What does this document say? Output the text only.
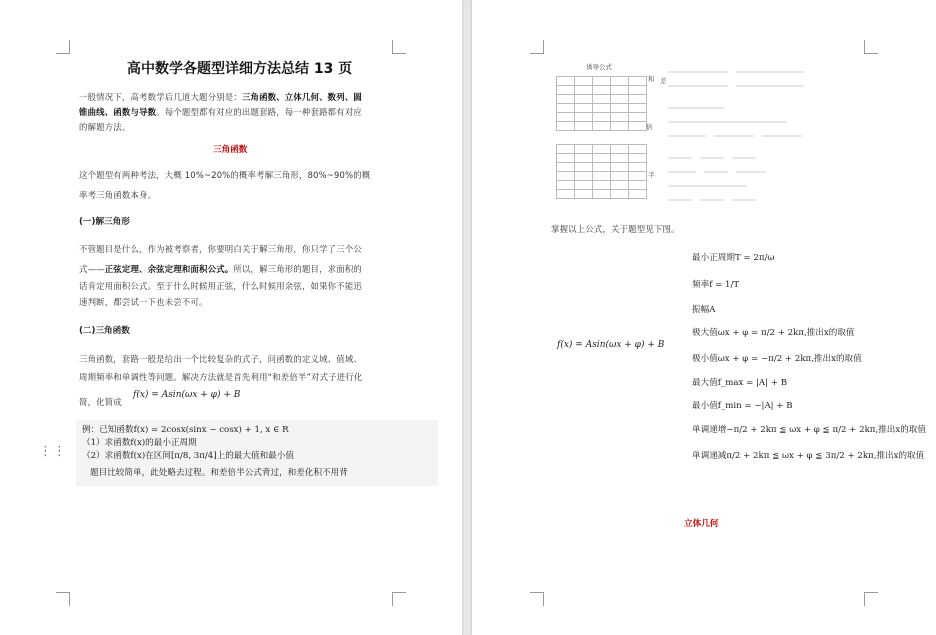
高中数学各题型详细方法总结 13 页
一般情况下，高考数学后几道大题分别是：三角函数、立体几何、数列、圆
锥曲线、函数与导数。每个题型都有对应的出题套路，每一种套路都有对应
的解题方法。
三角函数
这个题型有两种考法，大概 10%~20%的概率考解三角形，80%~90%的概
率考三角函数本身。
(一)解三角形
不管题目是什么，作为被考察者，你要明白关于解三角形，你只学了三个公
式——正弦定理、余弦定理和面积公式。所以，解三角形的题目，求面积的
话肯定用面积公式。至于什么时候用正弦，什么时候用余弦，如果你不能迅
速判断，都尝试一下也未尝不可。
(二)三角函数
三角函数，套路一般是给出一个比较复杂的式子，问函数的定义域、值域、
周期频率和单调性等问题。解决方法就是首先利用“和差倍半”对式子进行化
简，化简成
f(x) = Asin(ωx + φ) + B
⋮⋮
例：已知函数f(x) = 2cosx(sinx − cosx) + 1, x ∈ R
（1）求函数f(x)的最小正周期
（2）求函数f(x)在区间[π/8, 3π/4]上的最大值和最小值
题目比较简单，此处略去过程。和差倍半公式背过，和差化积不用背
诱导公式

和 差
倍
半
掌握以上公式，关于题型见下图。
f(x) = Asin(ωx + φ) + B
最小正周期T = 2π/ω
频率f = 1/T
振幅A
极大值ωx + φ = π/2 + 2kπ,推出x的取值
极小值ωx + φ = −π/2 + 2kπ,推出x的取值
最大值f_max = |A| + B
最小值f_min = −|A| + B
单调递增−π/2 + 2kπ ≦ ωx + φ ≦ π/2 + 2kπ,推出x的取值
单调递减π/2 + 2kπ ≦ ωx + φ ≦ 3π/2 + 2kπ,推出x的取值
立体几何
